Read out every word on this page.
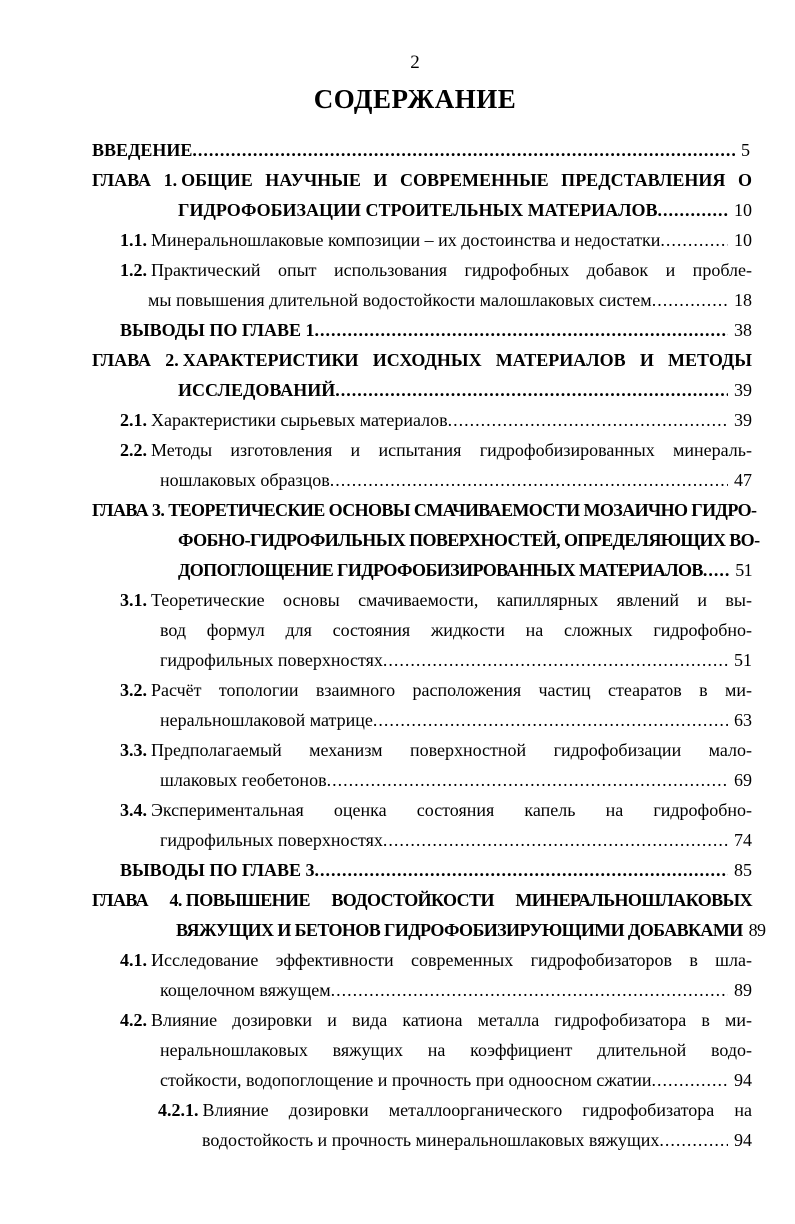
2
СОДЕРЖАНИЕ
ВВЕДЕНИЕ .....	5
ГЛАВА 1. ОБЩИЕ НАУЧНЫЕ И СОВРЕМЕННЫЕ ПРЕДСТАВЛЕНИЯ О
ГИДРОФОБИЗАЦИИ СТРОИТЕЛЬНЫХ МАТЕРИАЛОВ .....	10
1.1. Минеральношлаковые композиции – их достоинства и недостатки .....	10
1.2. Практический опыт использования гидрофобных добавок и пробле-
мы повышения длительной водостойкости малошлаковых систем .....	18
ВЫВОДЫ ПО ГЛАВЕ 1 .....	38
ГЛАВА 2. ХАРАКТЕРИСТИКИ ИСХОДНЫХ МАТЕРИАЛОВ И МЕТОДЫ
ИССЛЕДОВАНИЙ .....	39
2.1. Характеристики сырьевых материалов .....	39
2.2. Методы изготовления и испытания гидрофобизированных минераль-
ношлаковых образцов .....	47
ГЛАВА 3. ТЕОРЕТИЧЕСКИЕ ОСНОВЫ СМАЧИВАЕМОСТИ МОЗАИЧНО ГИДРО-
ФОБНО-ГИДРОФИЛЬНЫХ ПОВЕРХНОСТЕЙ, ОПРЕДЕЛЯЮЩИХ ВО-
ДОПОГЛОЩЕНИЕ ГИДРОФОБИЗИРОВАННЫХ МАТЕРИАЛОВ .....	51
3.1. Теоретические основы смачиваемости, капиллярных явлений и вы-
вод формул для состояния жидкости на сложных гидрофобно-
гидрофильных поверхностях .....	51
3.2. Расчёт топологии взаимного расположения частиц стеаратов в ми-
неральношлаковой матрице .....	63
3.3. Предполагаемый механизм поверхностной гидрофобизации мало-
шлаковых геобетонов .....	69
3.4. Экспериментальная оценка состояния капель на гидрофобно-
гидрофильных поверхностях .....	74
ВЫВОДЫ ПО ГЛАВЕ 3 .....	85
ГЛАВА 4. ПОВЫШЕНИЕ ВОДОСТОЙКОСТИ МИНЕРАЛЬНОШЛАКОВЫХ
ВЯЖУЩИХ И БЕТОНОВ ГИДРОФОБИЗИРУЮЩИМИ ДОБАВКАМИ 89
4.1. Исследование эффективности современных гидрофобизаторов в шла-
кощелочном вяжущем .....	89
4.2. Влияние дозировки и вида катиона металла гидрофобизатора в ми-
неральношлаковых вяжущих на коэффициент длительной водо-
стойкости, водопоглощение и прочность при одноосном сжатии .....	94
4.2.1. Влияние дозировки металлоорганического гидрофобизатора на
водостойкость и прочность минеральношлаковых вяжущих .....	94
